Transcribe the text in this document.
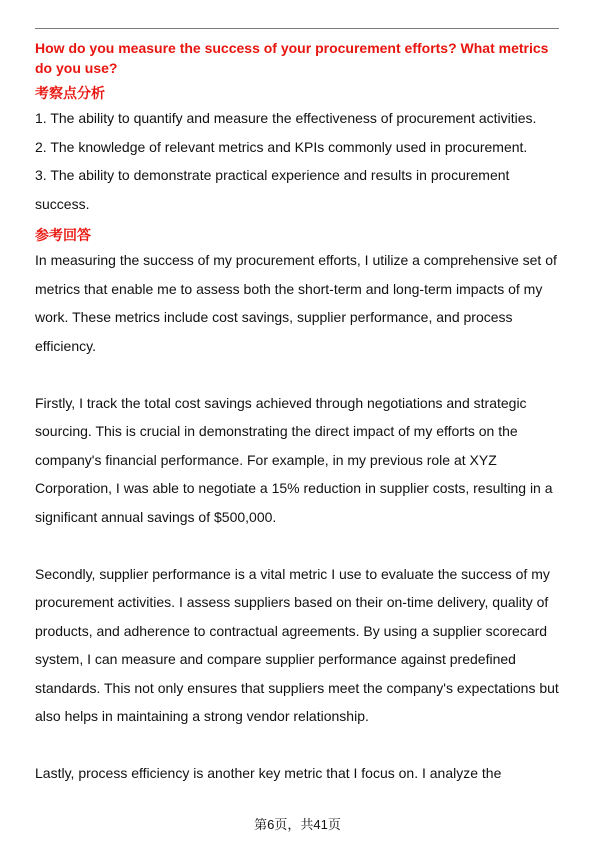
How do you measure the success of your procurement efforts? What metrics do you use?

考察点分析

1. The ability to quantify and measure the effectiveness of procurement activities.

2. The knowledge of relevant metrics and KPIs commonly used in procurement.

3. The ability to demonstrate practical experience and results in procurement success.

参考回答

In measuring the success of my procurement efforts, I utilize a comprehensive set of metrics that enable me to assess both the short-term and long-term impacts of my work. These metrics include cost savings, supplier performance, and process efficiency.

Firstly, I track the total cost savings achieved through negotiations and strategic sourcing. This is crucial in demonstrating the direct impact of my efforts on the company's financial performance. For example, in my previous role at XYZ Corporation, I was able to negotiate a 15% reduction in supplier costs, resulting in a significant annual savings of $500,000.

Secondly, supplier performance is a vital metric I use to evaluate the success of my procurement activities. I assess suppliers based on their on-time delivery, quality of products, and adherence to contractual agreements. By using a supplier scorecard system, I can measure and compare supplier performance against predefined standards. This not only ensures that suppliers meet the company's expectations but also helps in maintaining a strong vendor relationship.

Lastly, process efficiency is another key metric that I focus on. I analyze the

第6页，共41页
